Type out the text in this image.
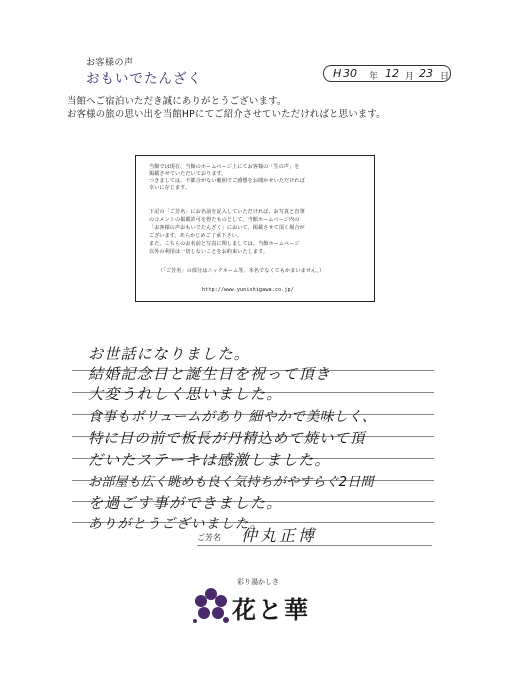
お客様の声
おもいでたんざく	H 30 年 12 月 23 日
当館へご宿泊いただき誠にありがとうございます。
お客様の旅の思い出を当館HPにてご紹介させていただければと思います。

当館では現在、当館のホームページ上にてお客様の「生の声」を

掲載させていただいております。

つきましては、不都合がない範囲でご感想をお聞かせいただければ

幸いに存じます。

下記の「ご芳名」にお名前を記入していただければ、お写真と直筆

のコメントの掲載許可を得たものとして、当館ホームページ内の

「お客様の声おもいでたんざく」において、掲載させて頂く場合が

ございます。あらかじめご了承下さい。

また、こちらのお名前と写真に関しましては、当館ホームページ

以外の利用は一切しないことをお約束いたします。

（「ご芳名」の部分はニックネーム等、本名でなくてもかまいません。）

http://www.yunishigawa.co.jp/

お世話になりました。
結婚記念日と誕生日を祝って頂き
大変うれしく思いました。
食事もボリュームがあり 細やかで美味しく、
特に目の前で板長が丹精込めて焼いて頂
だいたステーキは感激しました。
お部屋も広く眺めも良く気持ちがやすらぐ2日間
を過ごす事ができました。
ありがとうございました。
ご芳名 仲丸正博
彩り湯かしき
花と華
